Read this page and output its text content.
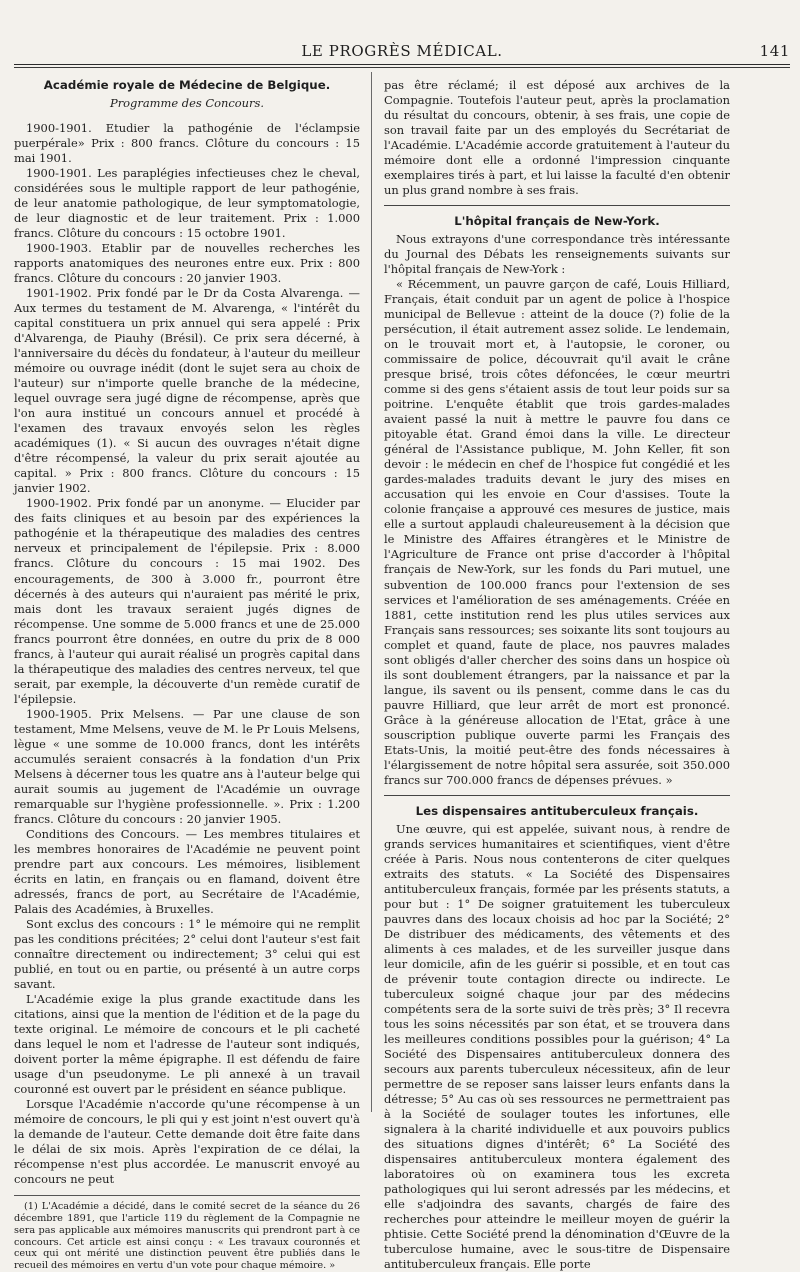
LE PROGRÈS MÉDICAL.	141
Académie royale de Médecine de Belgique.
Programme des Concours.

1900-1901. Etudier la pathogénie de l'éclampsie puerpérale» Prix : 800 francs. Clôture du concours : 15 mai 1901.

1900-1901. Les paraplégies infectieuses chez le cheval, considérées sous le multiple rapport de leur pathogénie, de leur anatomie pathologique, de leur symptomatologie, de leur diagnostic et de leur traitement. Prix : 1.000 francs. Clôture du concours : 15 octobre 1901.

1900-1903. Etablir par de nouvelles recherches les rapports anatomiques des neurones entre eux. Prix : 800 francs. Clôture du concours : 20 janvier 1903.

1901-1902. Prix fondé par le Dr da Costa Alvarenga. — Aux termes du testament de M. Alvarenga, « l'intérêt du capital constituera un prix annuel qui sera appelé : Prix d'Alvarenga, de Piauhy (Brésil). Ce prix sera décerné, à l'anniversaire du décès du fondateur, à l'auteur du meilleur mémoire ou ouvrage inédit (dont le sujet sera au choix de l'auteur) sur n'importe quelle branche de la médecine, lequel ouvrage sera jugé digne de récompense, après que l'on aura institué un concours annuel et procédé à l'examen des travaux envoyés selon les règles académiques (1). « Si aucun des ouvrages n'était digne d'être récompensé, la valeur du prix serait ajoutée au capital. » Prix : 800 francs. Clôture du concours : 15 janvier 1902.

1900-1902. Prix fondé par un anonyme. — Elucider par des faits cliniques et au besoin par des expériences la pathogénie et la thérapeutique des maladies des centres nerveux et principalement de l'épilepsie. Prix : 8.000 francs. Clôture du concours : 15 mai 1902. Des encouragements, de 300 à 3.000 fr., pourront être décernés à des auteurs qui n'auraient pas mérité le prix, mais dont les travaux seraient jugés dignes de récompense. Une somme de 5.000 francs et une de 25.000 francs pourront être données, en outre du prix de 8 000 francs, à l'auteur qui aurait réalisé un progrès capital dans la thérapeutique des maladies des centres nerveux, tel que serait, par exemple, la découverte d'un remède curatif de l'épilepsie.

1900-1905. Prix Melsens. — Par une clause de son testament, Mme Melsens, veuve de M. le Pr Louis Melsens, lègue « une somme de 10.000 francs, dont les intérêts accumulés seraient consacrés à la fondation d'un Prix Melsens à décerner tous les quatre ans à l'auteur belge qui aurait soumis au jugement de l'Académie un ouvrage remarquable sur l'hygiène professionnelle. ». Prix : 1.200 francs. Clôture du concours : 20 janvier 1905.

Conditions des Concours. — Les membres titulaires et les membres honoraires de l'Académie ne peuvent point prendre part aux concours. Les mémoires, lisiblement écrits en latin, en français ou en flamand, doivent être adressés, francs de port, au Secrétaire de l'Académie, Palais des Académies, à Bruxelles.

Sont exclus des concours : 1° le mémoire qui ne remplit pas les conditions précitées; 2° celui dont l'auteur s'est fait connaître directement ou indirectement; 3° celui qui est publié, en tout ou en partie, ou présenté à un autre corps savant.

L'Académie exige la plus grande exactitude dans les citations, ainsi que la mention de l'édition et de la page du texte original. Le mémoire de concours et le pli cacheté dans lequel le nom et l'adresse de l'auteur sont indiqués, doivent porter la même épigraphe. Il est défendu de faire usage d'un pseudonyme. Le pli annexé à un travail couronné est ouvert par le président en séance publique.

Lorsque l'Académie n'accorde qu'une récompense à un mémoire de concours, le pli qui y est joint n'est ouvert qu'à la demande de l'auteur. Cette demande doit être faite dans le délai de six mois. Après l'expiration de ce délai, la récompense n'est plus accordée. Le manuscrit envoyé au concours ne peut

(1) L'Académie a décidé, dans le comité secret de la séance du 26 décembre 1891, que l'article 119 du règlement de la Compagnie ne sera pas applicable aux mémoires manuscrits qui prendront part à ce concours. Cet article est ainsi conçu : « Les travaux couronnés et ceux qui ont mérité une distinction peuvent être publiés dans le recueil des mémoires en vertu d'un vote pour chaque mémoire. »

pas être réclamé; il est déposé aux archives de la Compagnie. Toutefois l'auteur peut, après la proclamation du résultat du concours, obtenir, à ses frais, une copie de son travail faite par un des employés du Secrétariat de l'Académie. L'Académie accorde gratuitement à l'auteur du mémoire dont elle a ordonné l'impression cinquante exemplaires tirés à part, et lui laisse la faculté d'en obtenir un plus grand nombre à ses frais.

L'hôpital français de New-York.

Nous extrayons d'une correspondance très intéressante du Journal des Débats les renseignements suivants sur l'hôpital français de New-York :

« Récemment, un pauvre garçon de café, Louis Hilliard, Français, était conduit par un agent de police à l'hospice municipal de Bellevue : atteint de la douce (?) folie de la persécution, il était autrement assez solide. Le lendemain, on le trouvait mort et, à l'autopsie, le coroner, ou commissaire de police, découvrait qu'il avait le crâne presque brisé, trois côtes défoncées, le cœur meurtri comme si des gens s'étaient assis de tout leur poids sur sa poitrine. L'enquête établit que trois gardes-malades avaient passé la nuit à mettre le pauvre fou dans ce pitoyable état. Grand émoi dans la ville. Le directeur général de l'Assistance publique, M. John Keller, fit son devoir : le médecin en chef de l'hospice fut congédié et les gardes-malades traduits devant le jury des mises en accusation qui les envoie en Cour d'assises. Toute la colonie française a approuvé ces mesures de justice, mais elle a surtout applaudi chaleureusement à la décision que le Ministre des Affaires étrangères et le Ministre de l'Agriculture de France ont prise d'accorder à l'hôpital français de New-York, sur les fonds du Pari mutuel, une subvention de 100.000 francs pour l'extension de ses services et l'amélioration de ses aménagements. Créée en 1881, cette institution rend les plus utiles services aux Français sans ressources; ses soixante lits sont toujours au complet et quand, faute de place, nos pauvres malades sont obligés d'aller chercher des soins dans un hospice où ils sont doublement étrangers, par la naissance et par la langue, ils savent ou ils pensent, comme dans le cas du pauvre Hilliard, que leur arrêt de mort est prononcé. Grâce à la généreuse allocation de l'Etat, grâce à une souscription publique ouverte parmi les Français des Etats-Unis, la moitié peut-être des fonds nécessaires à l'élargissement de notre hôpital sera assurée, soit 350.000 francs sur 700.000 francs de dépenses prévues. »

Les dispensaires antituberculeux français.

Une œuvre, qui est appelée, suivant nous, à rendre de grands services humanitaires et scientifiques, vient d'être créée à Paris. Nous nous contenterons de citer quelques extraits des statuts. « La Société des Dispensaires antituberculeux français, formée par les présents statuts, a pour but : 1° De soigner gratuitement les tuberculeux pauvres dans des locaux choisis ad hoc par la Société; 2° De distribuer des médicaments, des vêtements et des aliments à ces malades, et de les surveiller jusque dans leur domicile, afin de les guérir si possible, et en tout cas de prévenir toute contagion directe ou indirecte. Le tuberculeux soigné chaque jour par des médecins compétents sera de la sorte suivi de très près; 3° Il recevra tous les soins nécessités par son état, et se trouvera dans les meilleures conditions possibles pour la guérison; 4° La Société des Dispensaires antituberculeux donnera des secours aux parents tuberculeux nécessiteux, afin de leur permettre de se reposer sans laisser leurs enfants dans la détresse; 5° Au cas où ses ressources ne permettraient pas à la Société de soulager toutes les infortunes, elle signalera à la charité individuelle et aux pouvoirs publics des situations dignes d'intérêt; 6° La Société des dispensaires antituberculeux montera également des laboratoires où on examinera tous les excreta pathologiques qui lui seront adressés par les médecins, et elle s'adjoindra des savants, chargés de faire des recherches pour atteindre le meilleur moyen de guérir la phtisie. Cette Société prend la dénomination d'Œuvre de la tuberculose humaine, avec le sous-titre de Dispensaire antituberculeux français. Elle porte
